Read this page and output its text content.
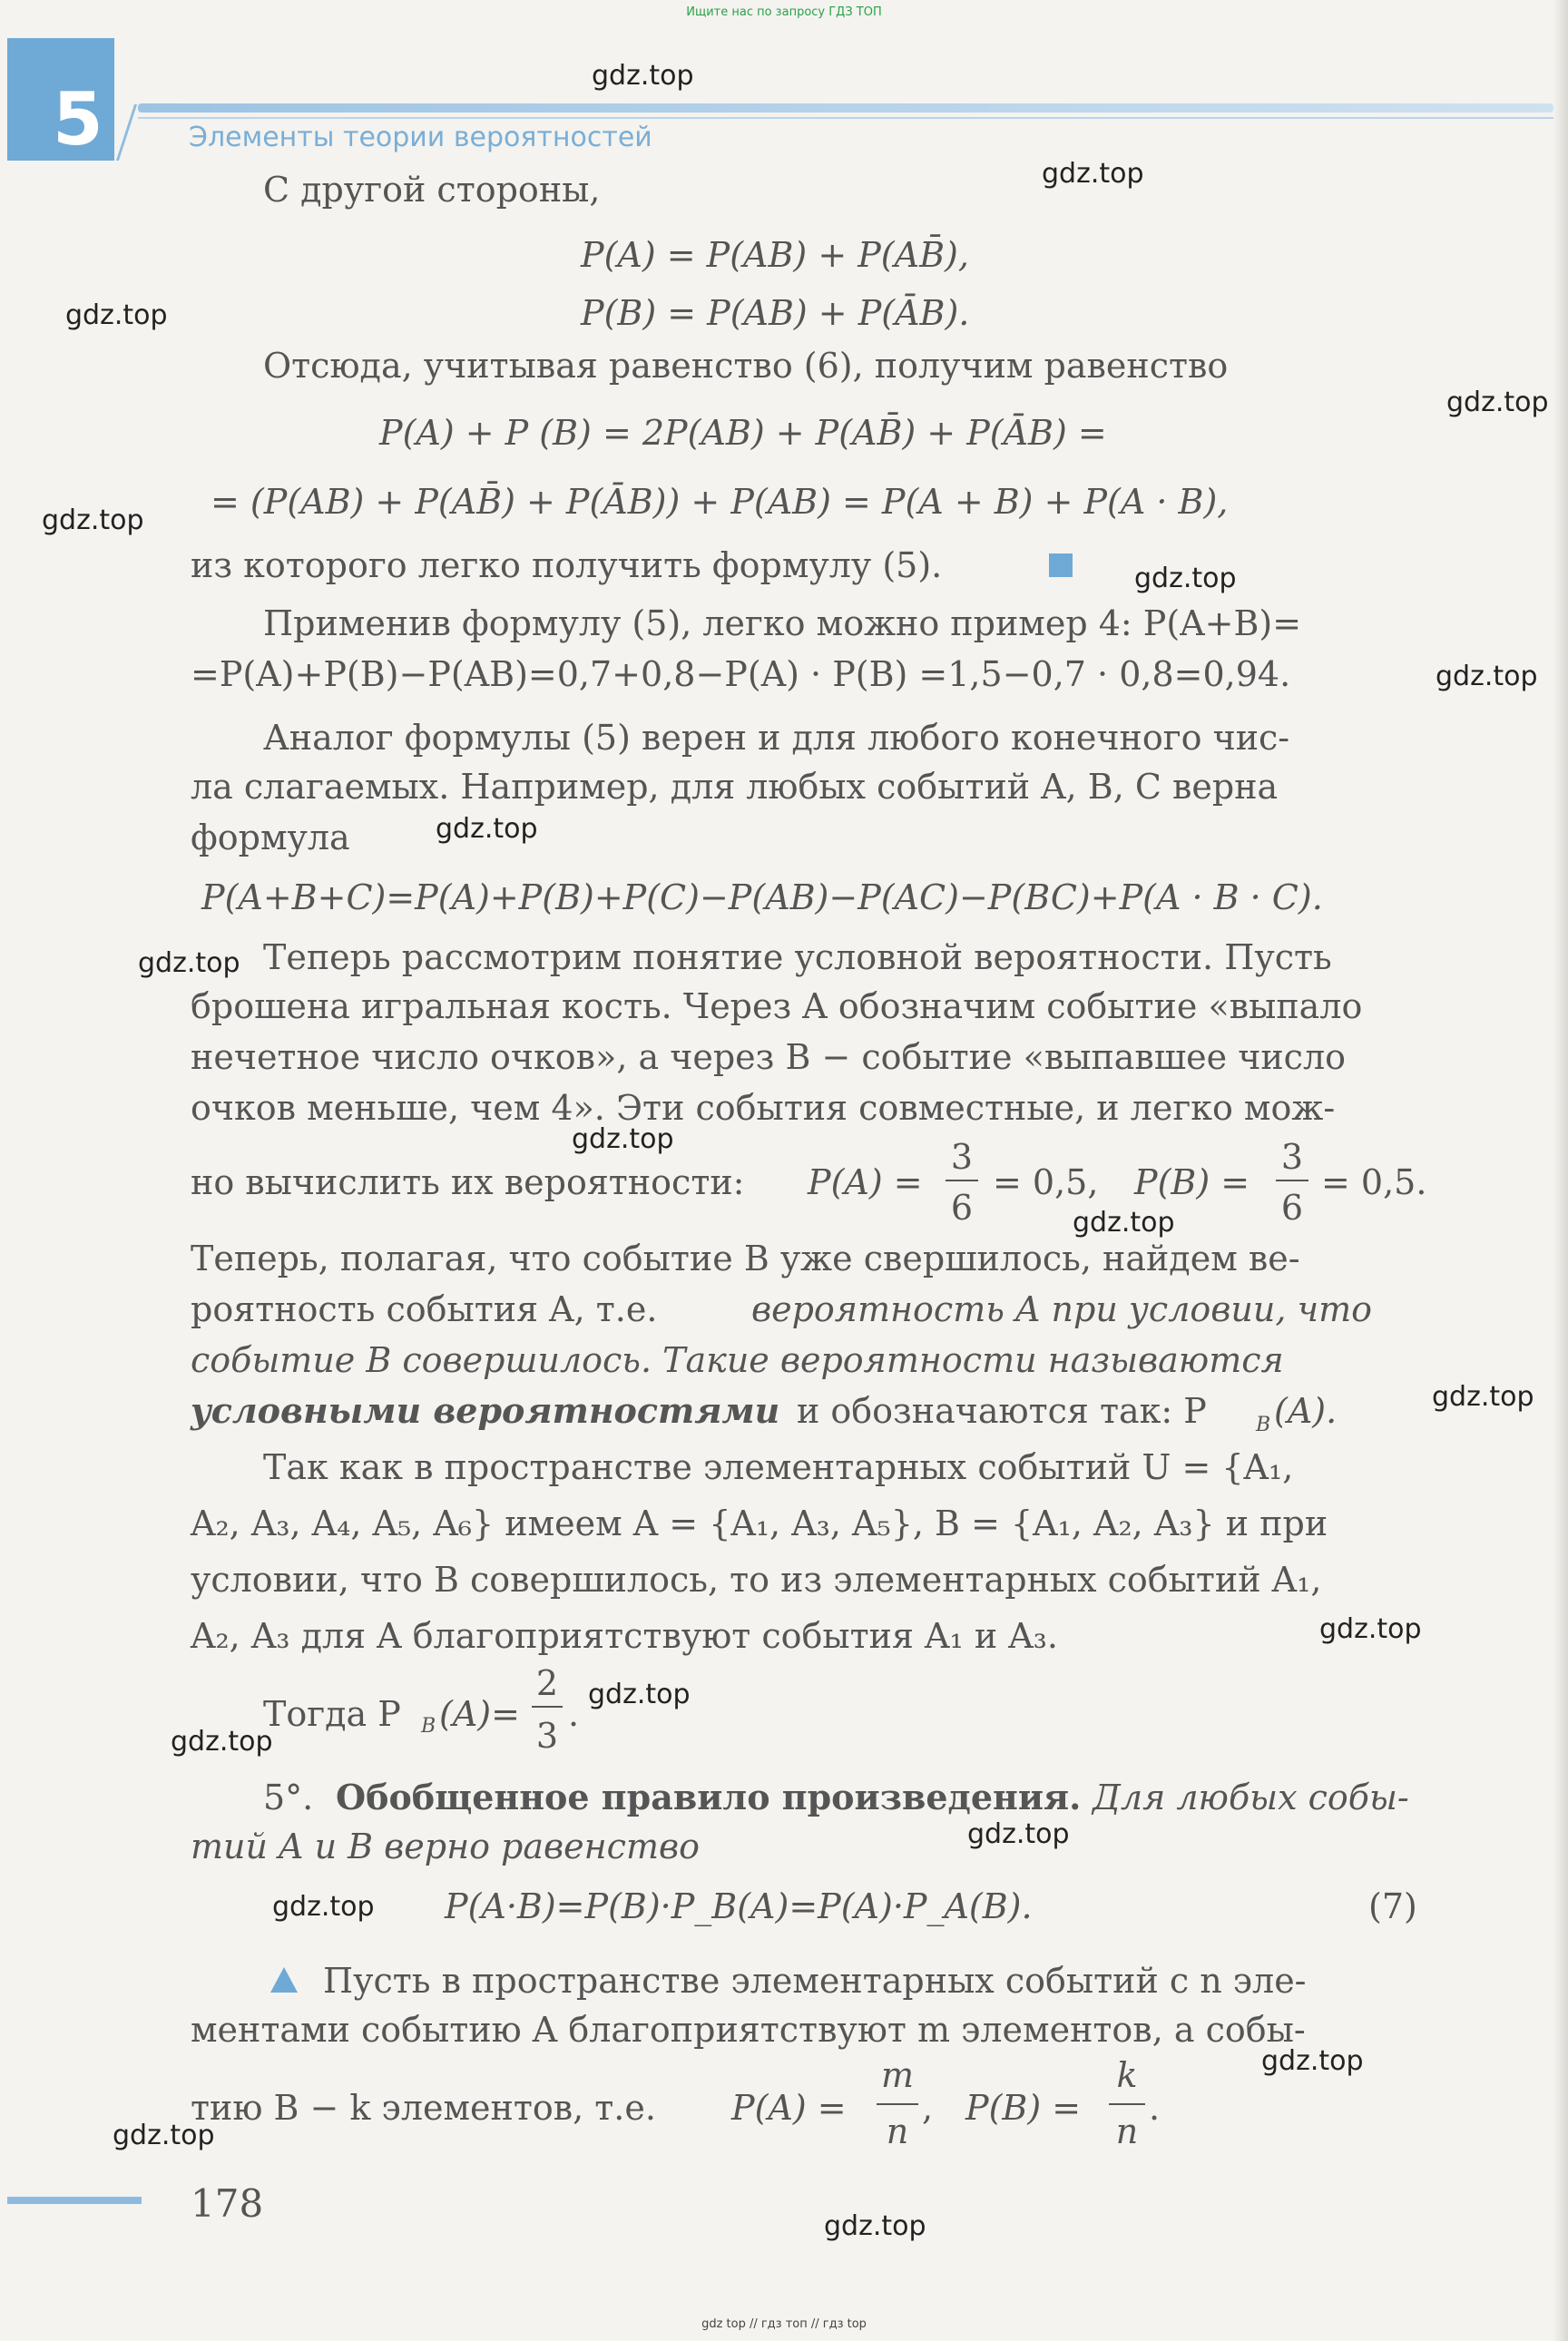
Ищите нас по запросу ГДЗ ТОП
5	Элементы теории вероятностей
С другой стороны,
P(A) = P(AB) + P(AB̄),
P(B) = P(AB) + P(ĀB).
Отсюда, учитывая равенство (6), получим равенство
P(A) + P (B) = 2P(AB) + P(AB̄) + P(ĀB) =
= (P(AB) + P(AB̄) + P(ĀB)) + P(AB) = P(A + B) + P(A · B),
из которого легко получить формулу (5).
Применив формулу (5), легко можно пример 4: P(A+B)=
=P(A)+P(B)−P(AB)=0,7+0,8−P(A) · P(B) =1,5−0,7 · 0,8=0,94.
Аналог формулы (5) верен и для любого конечного чис-
ла слагаемых. Например, для любых событий A, B, C верна
формула
P(A+B+C)=P(A)+P(B)+P(C)−P(AB)−P(AC)−P(BC)+P(A · B · C).
Теперь рассмотрим понятие условной вероятности. Пусть
брошена игральная кость. Через A обозначим событие «выпало
нечетное число очков», а через B − событие «выпавшее число
очков меньше, чем 4». Эти события совместные, и легко мож-
но вычислить их вероятности: P(A) =
3
6
= 0,5, P(B) =
3
6
= 0,5.
Теперь, полагая, что событие B уже свершилось, найдем ве-
роятность события A, т.е.	вероятность A при условии, что
событие B совершилось. Такие вероятности называются
условными вероятностями и обозначаются так: P B (A).
Так как в пространстве элементарных событий U = {A₁,
A₂, A₃, A₄, A₅, A₆} имеем A = {A₁, A₃, A₅}, B = {A₁, A₂, A₃} и при
условии, что B совершилось, то из элементарных событий A₁,
A₂, A₃ для A благоприятствуют события A₁ и A₃.
Тогда P B (A)=
2
3
.
5°. Обобщенное правило произведения. Для любых собы-
тий A и B верно равенство
P(A·B)=P(B)·P_B(A)=P(A)·P_A(B).	(7)
Пусть в пространстве элементарных событий с n эле-
ментами событию A благоприятствуют m элементов, а собы-
тию B − k элементов, т.е. P(A) =
m
n
, P(B) =
k
n
.
178
gdz.top
gdz.top
gdz.top
gdz.top
gdz.top
gdz.top
gdz.top
gdz.top
gdz.top
gdz.top
gdz.top
gdz.top
gdz.top
gdz.top
gdz.top
gdz.top
gdz.top
gdz.top
gdz.top
gdz.top
gdz top // гдз топ // гдз top
